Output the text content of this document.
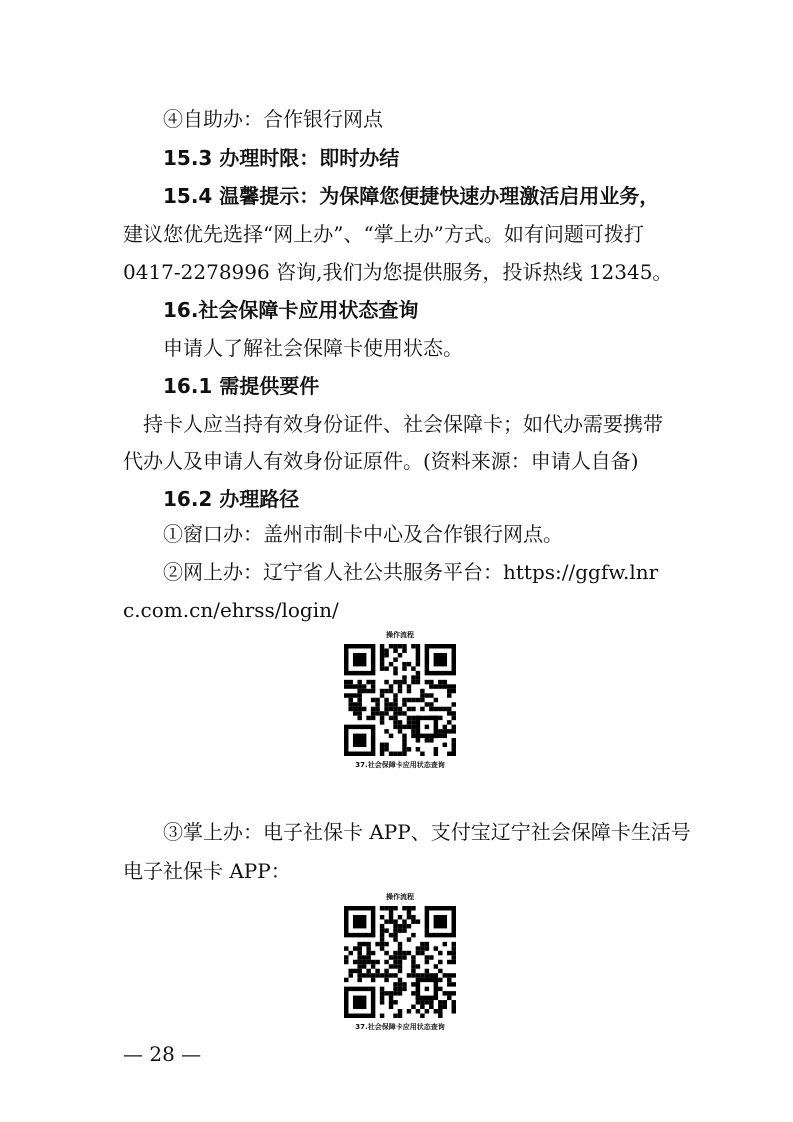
④自助办：合作银行网点
15.3 办理时限：即时办结
15.4 温馨提示：为保障您便捷快速办理激活启用业务，
建议您优先选择“网上办”、“掌上办”方式。如有问题可拨打
0417-2278996 咨询,我们为您提供服务，投诉热线 12345。
16.社会保障卡应用状态查询
申请人了解社会保障卡使用状态。
16.1 需提供要件
持卡人应当持有效身份证件、社会保障卡；如代办需要携带
代办人及申请人有效身份证原件。(资料来源：申请人自备)
16.2 办理路径
①窗口办：盖州市制卡中心及合作银行网点。
②网上办：辽宁省人社公共服务平台：https://ggfw.lnr
c.com.cn/ehrss/login/
操作流程
37.社会保障卡应用状态查询
③掌上办：电子社保卡 APP、支付宝辽宁社会保障卡生活号
电子社保卡 APP：
操作流程
37.社会保障卡应用状态查询
— 28 —
